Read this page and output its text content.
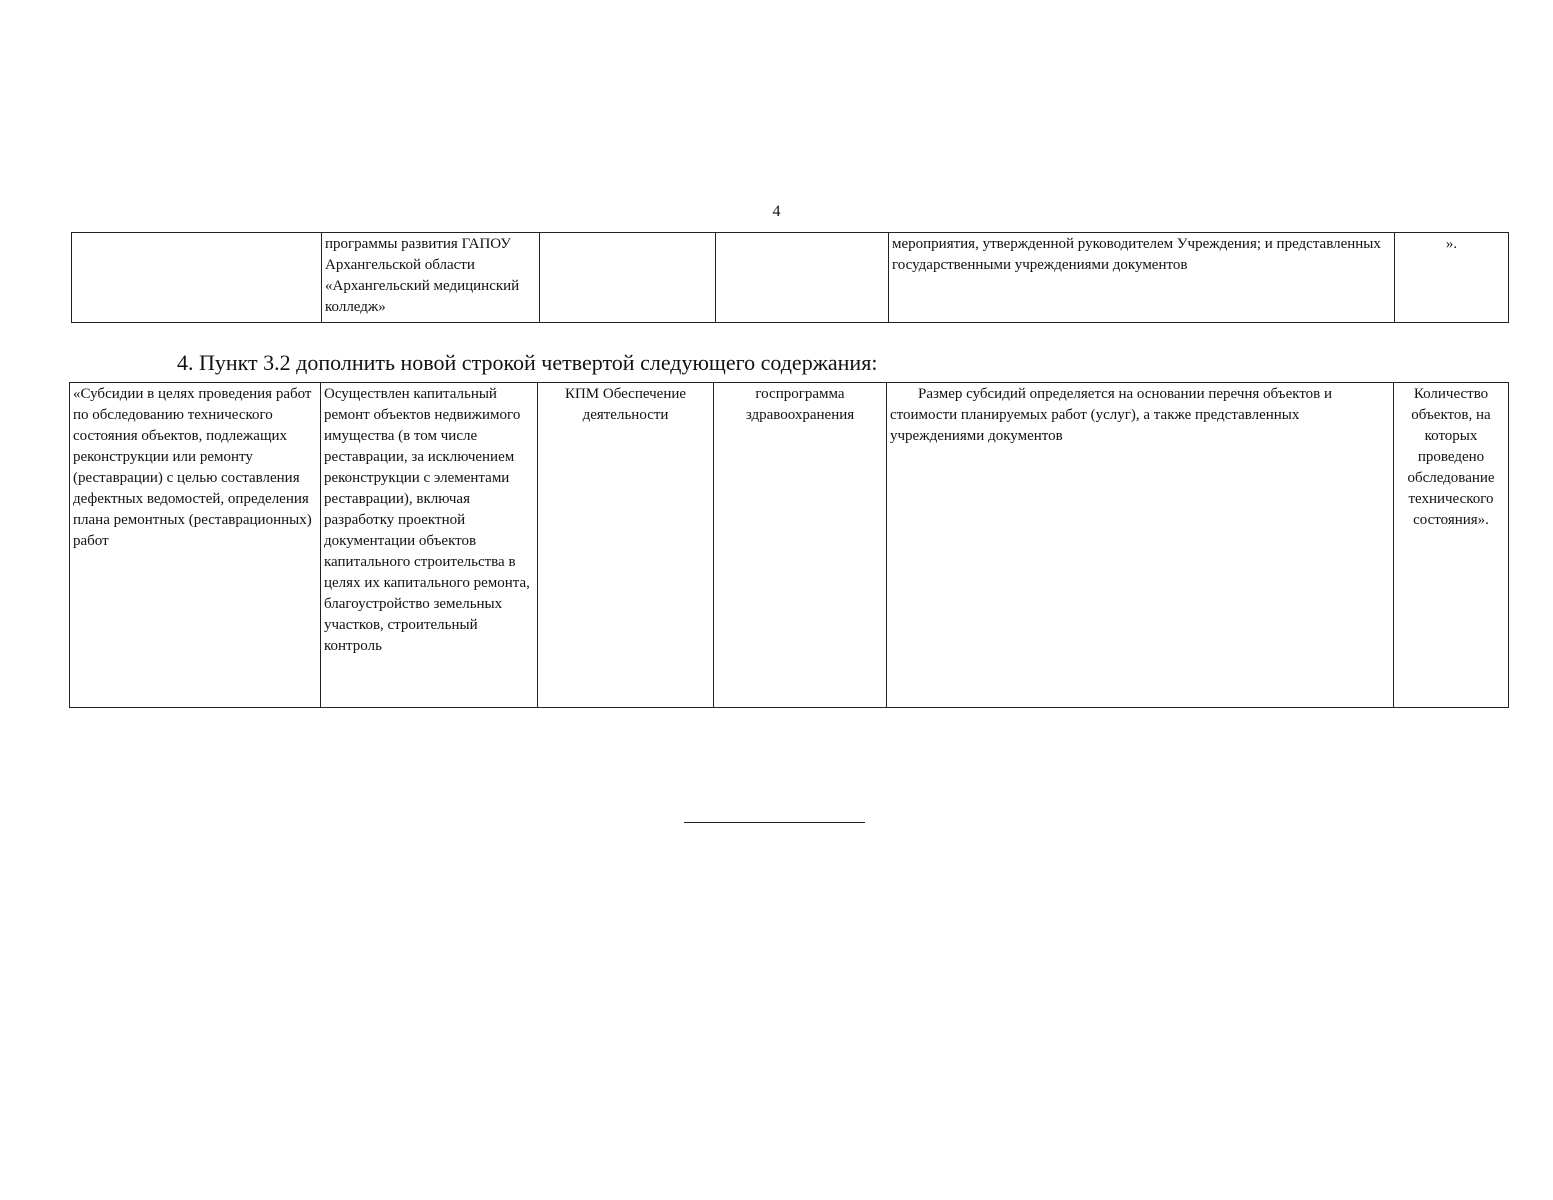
4
	программы развития ГАПОУ Архангельской области «Архангельский медицинский колледж»			мероприятия, утвержденной руководителем Учреждения; и представленных государственными учреждениями документов	».
4. Пункт 3.2 дополнить новой строкой четвертой следующего содержания:
«Субсидии в целях проведения работ по обследованию технического состояния объектов, подлежащих реконструкции или ремонту (реставрации) с целью составления дефектных ведомостей, определения плана ремонтных (реставрационных) работ	Осуществлен капитальный ремонт объектов недвижимого имущества (в том числе реставрации, за исключением реконструкции с элементами реставрации), включая разработку проектной документации объектов капитального строительства в целях их капитального ремонта, благоустройство земельных участков, строительный контроль	КПМ Обеспечение деятельности	госпрограмма здравоохранения	Размер субсидий определяется на основании перечня объектов и стоимости планируемых работ (услуг), а также представленных учреждениями документов	Количество объектов, на которых проведено обследование технического состояния».
